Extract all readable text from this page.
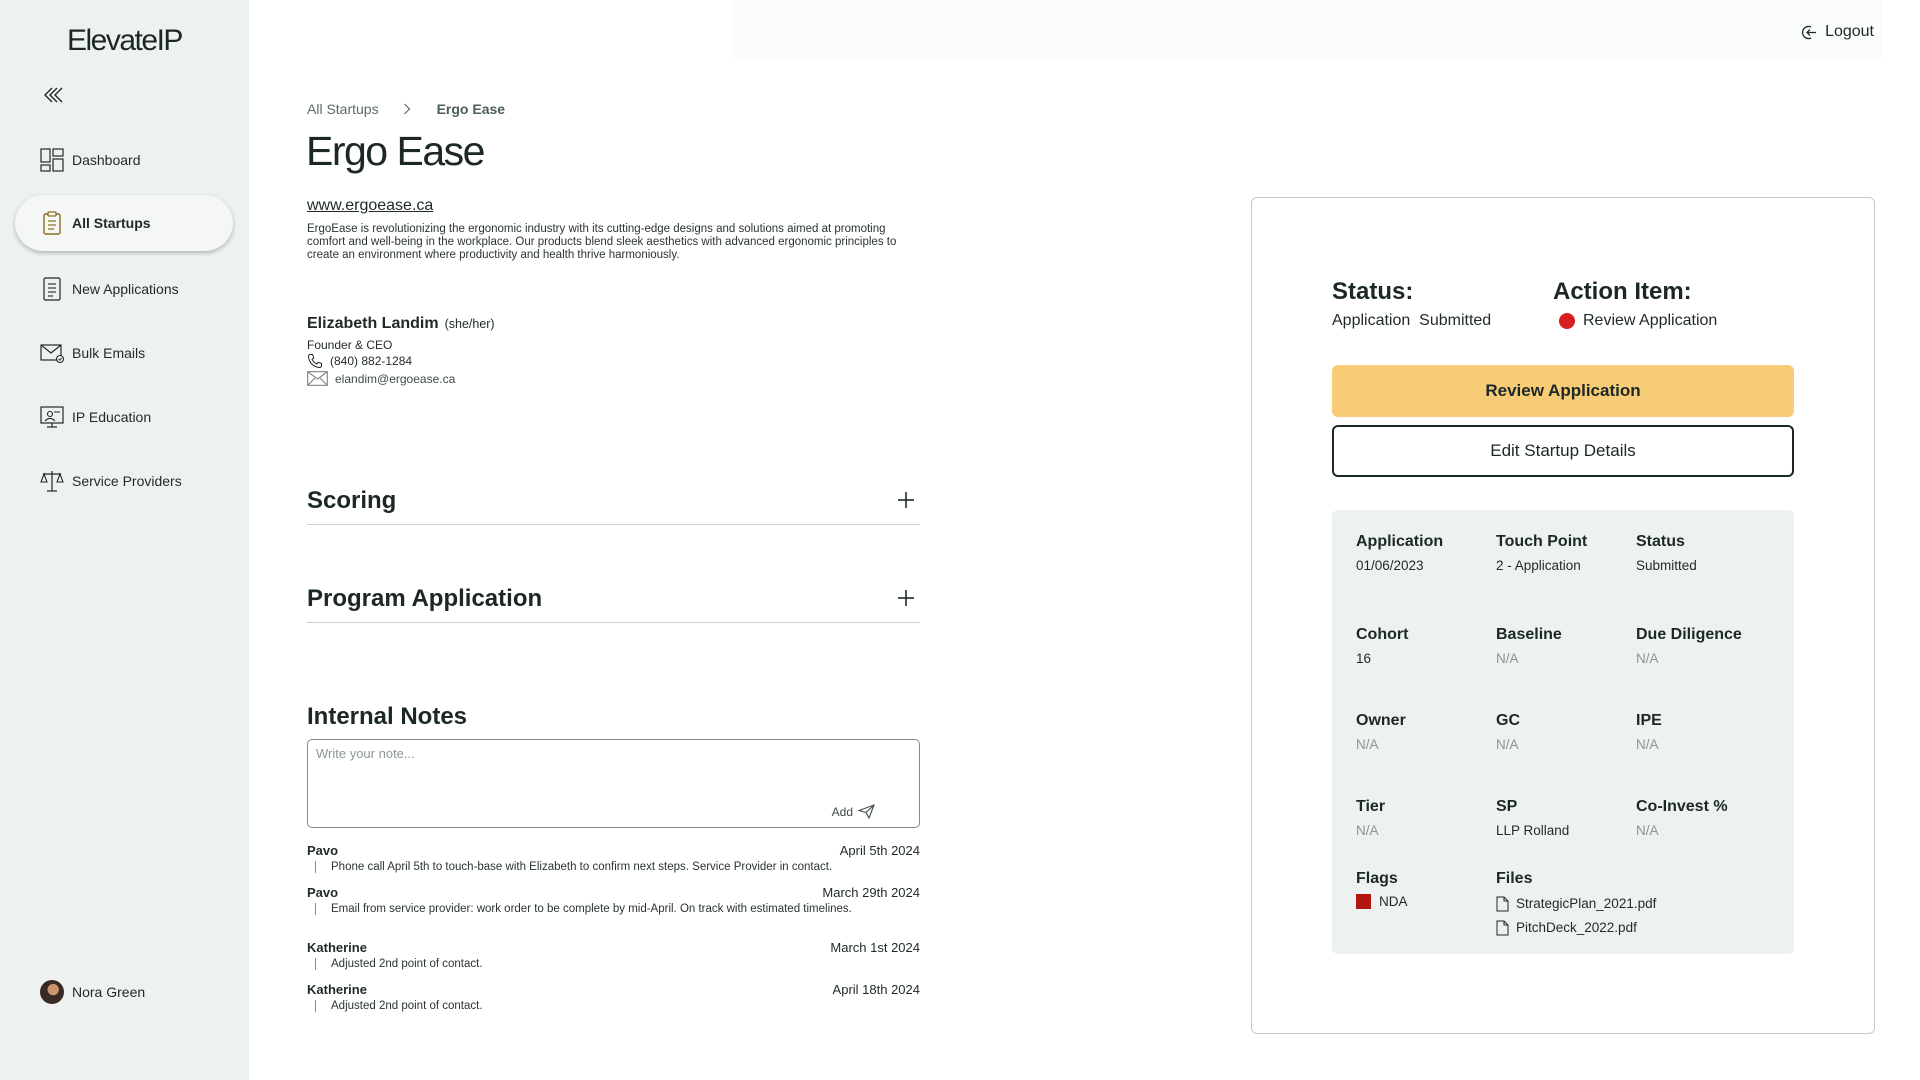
ElevateIP
Dashboard
All Startups
New Applications
Bulk Emails
IP Education
Service Providers
Nora Green
Logout
All Startups	Ergo Ease
Ergo Ease
www.ergoease.ca

ErgoEase is revolutionizing the ergonomic industry with its cutting-edge designs and solutions aimed at promoting comfort and well-being in the workplace. Our products blend sleek aesthetics with advanced ergonomic principles to create an environment where productivity and health thrive harmoniously.

Elizabeth Landim (she/her)
Founder & CEO
(840) 882-1284
elandim@ergoease.ca
Scoring
Program Application
Internal Notes
Write your note...
Add
Pavo	April 5th 2024
Phone call April 5th to touch-base with Elizabeth to confirm next steps. Service Provider in contact.
Pavo	March 29th 2024
Email from service provider: work order to be complete by mid-April. On track with estimated timelines.
Katherine	March 1st 2024
Adjusted 2nd point of contact.
Katherine	April 18th 2024
Adjusted 2nd point of contact.
Status:
Application  Submitted
Action Item:
Review Application
Review Application
Edit Startup Details
Application
01/06/2023
Touch Point
2 - Application
Status
Submitted
Cohort
16
Baseline
N/A
Due Diligence
N/A
Owner
N/A
GC
N/A
IPE
N/A
Tier
N/A
SP
LLP Rolland
Co-Invest %
N/A
Flags
NDA
Files
StrategicPlan_2021.pdf
PitchDeck_2022.pdf
